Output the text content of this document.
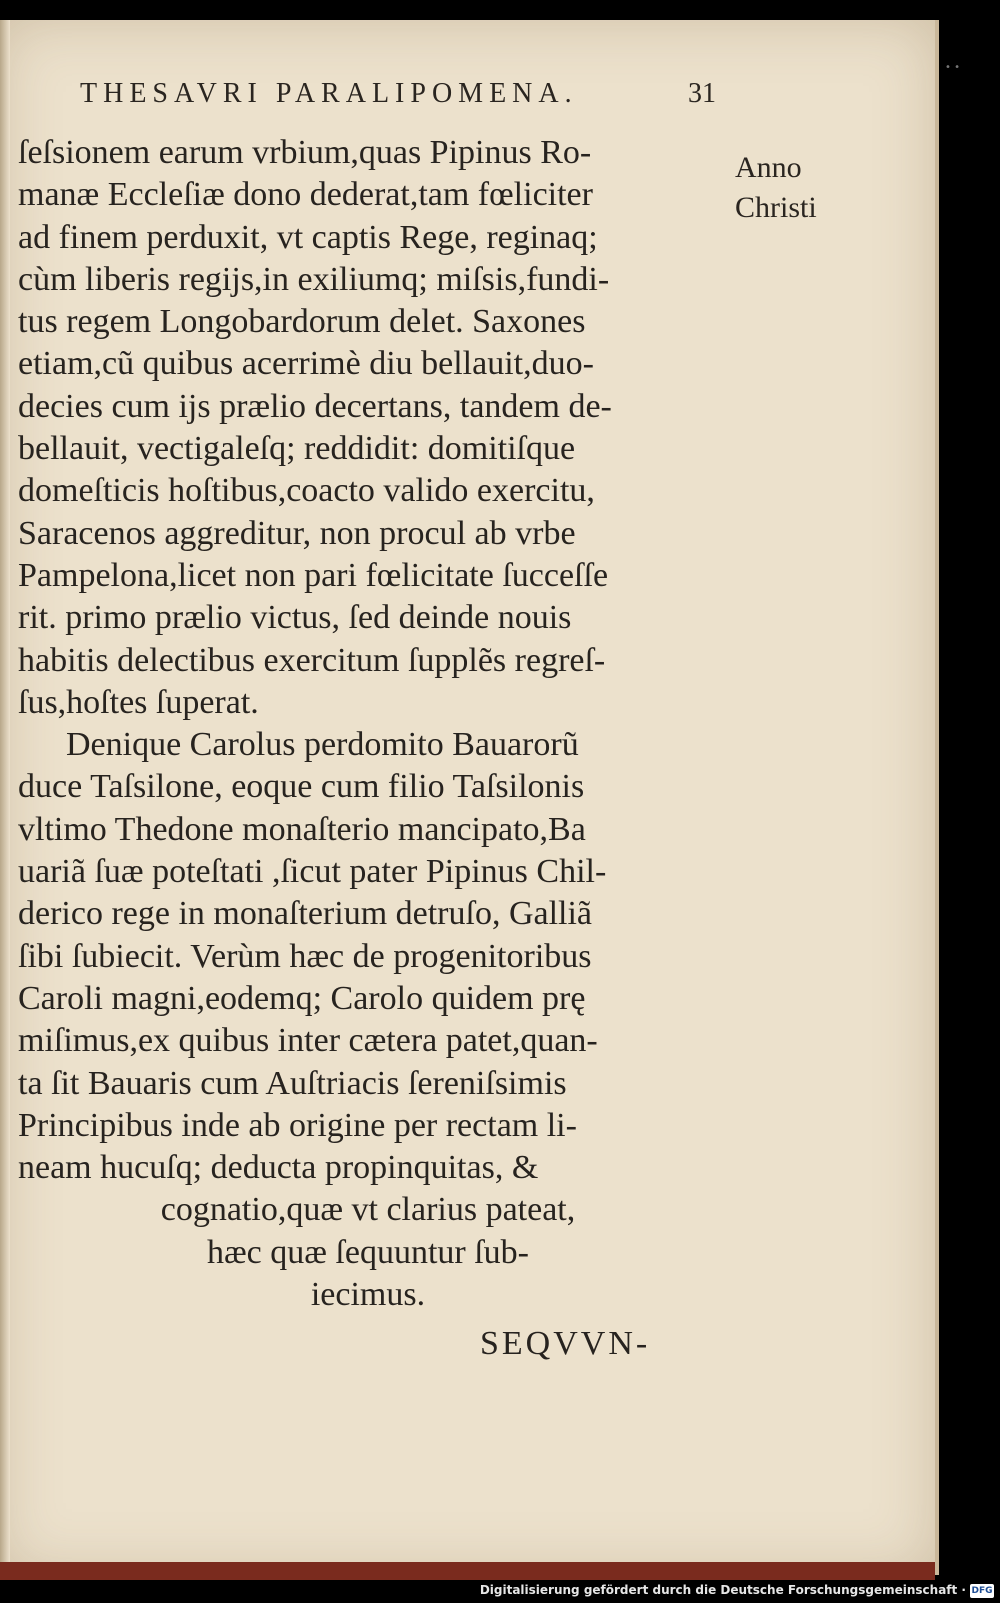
THESAVRI PARALIPOMENA.	31
Anno
Christi
ſeſsionem earum vrbium,quas Pipinus Ro-
manæ Eccleſiæ dono dederat,tam fœliciter
ad finem perduxit, vt captis Rege, reginaq;
cùm liberis regijs,in exiliumq; miſsis,fundi-
tus regem Longobardorum delet. Saxones
etiam,cũ quibus acerrimè diu bellauit,duo-
decies cum ijs prælio decertans, tandem de-
bellauit, vectigaleſq; reddidit: domitiſque
domeſticis hoſtibus,coacto valido exercitu,
Saracenos aggreditur, non procul ab vrbe
Pampelona,licet non pari fœlicitate ſucceſſe
rit. primo prælio victus, ſed deinde nouis
habitis delectibus exercitum ſupplẽs regreſ-
ſus,hoſtes ſuperat.
Denique Carolus perdomito Bauarorũ
duce Taſsilone, eoque cum filio Taſsilonis
vltimo Thedone monaſterio mancipato,Ba
uariã ſuæ poteſtati ,ſicut pater Pipinus Chil-
derico rege in monaſterium detruſo, Galliã
ſibi ſubiecit. Verùm hæc de progenitoribus
Caroli magni,eodemq; Carolo quidem prę
miſimus,ex quibus inter cætera patet,quan-
ta ſit Bauaris cum Auſtriacis ſereniſsimis
Principibus inde ab origine per rectam li-
neam hucuſq; deducta propinquitas, &
cognatio,quæ vt clarius pateat,
hæc quæ ſequuntur ſub-
iecimus.
SEQVVN-
• •
Digitalisierung gefördert durch die Deutsche Forschungsgemeinschaft · DFG
